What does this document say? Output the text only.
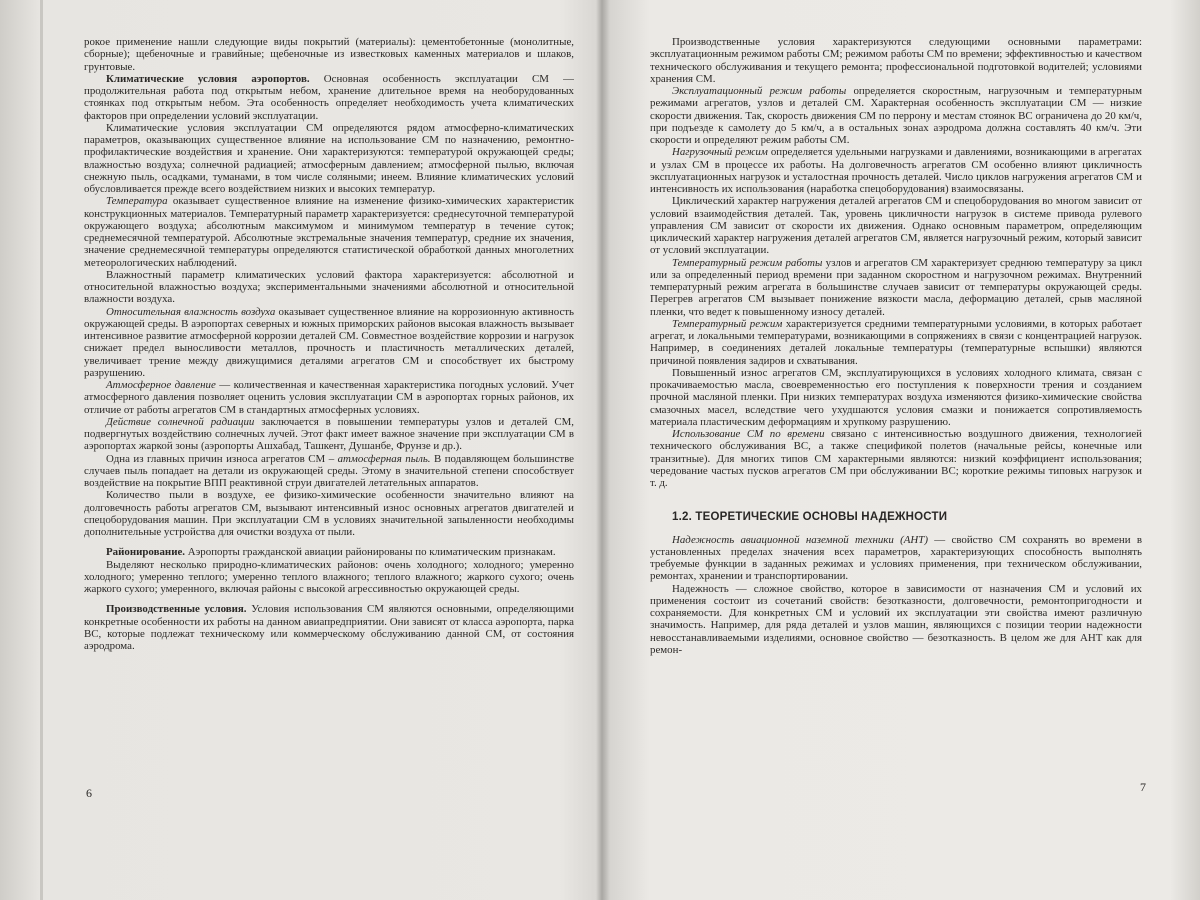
рокое применение нашли следующие виды покрытий (материалы): цементобетонные (монолитные, сборные); щебеночные и гравийные; щебеночные из известковых каменных материалов и шлаков, грунтовые.

Климатические условия аэропортов. Основная особенность эксплуатации СМ — продолжительная работа под открытым небом, хранение длительное время на необорудованных стоянках под открытым небом. Эта особенность определяет необходимость учета климатических факторов при определении условий эксплуатации.

Климатические условия эксплуатации СМ определяются рядом атмосферно-климатических параметров, оказывающих существенное влияние на использование СМ по назначению, ремонтно-профилактические воздействия и хранение. Они характеризуются: температурой окружающей среды; влажностью воздуха; солнечной радиацией; атмосферным давлением; атмосферной пылью, включая снежную пыль, осадками, туманами, в том числе соляными; инеем. Влияние климатических условий обусловливается прежде всего воздействием низких и высоких температур.

Температура оказывает существенное влияние на изменение физико-химических характеристик конструкционных материалов. Температурный параметр характеризуется: среднесуточной температурой окружающего воздуха; абсолютным максимумом и минимумом температур в течение суток; среднемесячной температурой. Абсолютные экстремальные значения температур, средние их значения, значение среднемесячной температуры определяются статистической обработкой данных многолетних метеорологических наблюдений.

Влажностный параметр климатических условий фактора характеризуется: абсолютной и относительной влажностью воздуха; экспериментальными значениями абсолютной и относительной влажности воздуха.

Относительная влажность воздуха оказывает существенное влияние на коррозионную активность окружающей среды. В аэропортах северных и южных приморских районов высокая влажность вызывает интенсивное развитие атмосферной коррозии деталей СМ. Совместное воздействие коррозии и нагрузок снижает предел выносливости металлов, прочность и пластичность металлических деталей, увеличивает трение между движущимися деталями агрегатов СМ и способствует их быстрому разрушению.

Атмосферное давление — количественная и качественная характеристика погодных условий. Учет атмосферного давления позволяет оценить условия эксплуатации СМ в аэропортах горных районов, их отличие от работы агрегатов СМ в стандартных атмосферных условиях.

Действие солнечной радиации заключается в повышении температуры узлов и деталей СМ, подвергнутых воздействию солнечных лучей. Этот факт имеет важное значение при эксплуатации СМ в аэропортах жаркой зоны (аэропорты Ашхабад, Ташкент, Душанбе, Фрунзе и др.).

Одна из главных причин износа агрегатов СМ – атмосферная пыль. В подавляющем большинстве случаев пыль попадает на детали из окружающей среды. Этому в значительной степени способствует воздействие на покрытие ВПП реактивной струи двигателей летательных аппаратов.

Количество пыли в воздухе, ее физико-химические особенности значительно влияют на долговечность работы агрегатов СМ, вызывают интенсивный износ основных агрегатов двигателей и спецоборудования машин. При эксплуатации СМ в условиях значительной запыленности необходимы дополнительные устройства для очистки воздуха от пыли.

Районирование. Аэропорты гражданской авиации районированы по климатическим признакам.

Выделяют несколько природно-климатических районов: очень холодного; холодного; умеренно холодного; умеренно теплого; умеренно теплого влажного; теплого влажного; жаркого сухого; очень жаркого сухого; умеренного, включая районы с высокой агрессивностью окружающей среды.

Производственные условия. Условия использования СМ являются основными, определяющими конкретные особенности их работы на данном авиапредприятии. Они зависят от класса аэропорта, парка ВС, которые подлежат техническому или коммерческому обслуживанию данной СМ, от состояния аэродрома.

6

Производственные условия характеризуются следующими основными параметрами: эксплуатационным режимом работы СМ; режимом работы СМ по времени; эффективностью и качеством технического обслуживания и текущего ремонта; профессиональной подготовкой водителей; условиями хранения СМ.

Эксплуатационный режим работы определяется скоростным, нагрузочным и температурным режимами агрегатов, узлов и деталей СМ. Характерная особенность эксплуатации СМ — низкие скорости движения. Так, скорость движения СМ по перрону и местам стоянок ВС ограничена до 20 км/ч, при подъезде к самолету до 5 км/ч, а в остальных зонах аэродрома должна составлять 40 км/ч. Эти скорости и определяют режим работы СМ.

Нагрузочный режим определяется удельными нагрузками и давлениями, возникающими в агрегатах и узлах СМ в процессе их работы. На долговечность агрегатов СМ особенно влияют цикличность эксплуатационных нагрузок и усталостная прочность деталей. Число циклов нагружения агрегатов СМ и интенсивность их использования (наработка спецоборудования) взаимосвязаны.

Циклический характер нагружения деталей агрегатов СМ и спецоборудования во многом зависит от условий взаимодействия деталей. Так, уровень цикличности нагрузок в системе привода рулевого управления СМ зависит от скорости их движения. Однако основным параметром, определяющим циклический характер нагружения деталей агрегатов СМ, является нагрузочный режим, который зависит от условий эксплуатации.

Температурный режим работы узлов и агрегатов СМ характеризует среднюю температуру за цикл или за определенный период времени при заданном скоростном и нагрузочном режимах. Внутренний температурный режим агрегата в большинстве случаев зависит от температуры окружающей среды. Перегрев агрегатов СМ вызывает понижение вязкости масла, деформацию деталей, срыв масляной пленки, что ведет к повышенному износу деталей.

Температурный режим характеризуется средними температурными условиями, в которых работает агрегат, и локальными температурами, возникающими в сопряжениях в связи с концентрацией нагрузок. Например, в соединениях деталей локальные температуры (температурные вспышки) являются причиной появления задиров и схватывания.

Повышенный износ агрегатов СМ, эксплуатирующихся в условиях холодного климата, связан с прокачиваемостью масла, своевременностью его поступления к поверхности трения и созданием прочной масляной пленки. При низких температурах воздуха изменяются физико-химические свойства смазочных масел, вследствие чего ухудшаются условия смазки и понижается сопротивляемость материала пластическим деформациям и хрупкому разрушению.

Использование СМ по времени связано с интенсивностью воздушного движения, технологией технического обслуживания ВС, а также спецификой полетов (начальные рейсы, конечные или транзитные). Для многих типов СМ характерными являются: низкий коэффициент использования; чередование частых пусков агрегатов СМ при обслуживании ВС; короткие режимы типовых нагрузок и т. д.

1.2. ТЕОРЕТИЧЕСКИЕ ОСНОВЫ НАДЕЖНОСТИ

Надежность авиационной наземной техники (АНТ) — свойство СМ сохранять во времени в установленных пределах значения всех параметров, характеризующих способность выполнять требуемые функции в заданных режимах и условиях применения, при техническом обслуживании, ремонтах, хранении и транспортировании.

Надежность — сложное свойство, которое в зависимости от назначения СМ и условий их применения состоит из сочетаний свойств: безотказности, долговечности, ремонтопригодности и сохраняемости. Для конкретных СМ и условий их эксплуатации эти свойства имеют различную значимость. Например, для ряда деталей и узлов машин, являющихся с позиции теории надежности невосстанавливаемыми изделиями, основное свойство — безотказность. В целом же для АНТ как для ремон-

7
